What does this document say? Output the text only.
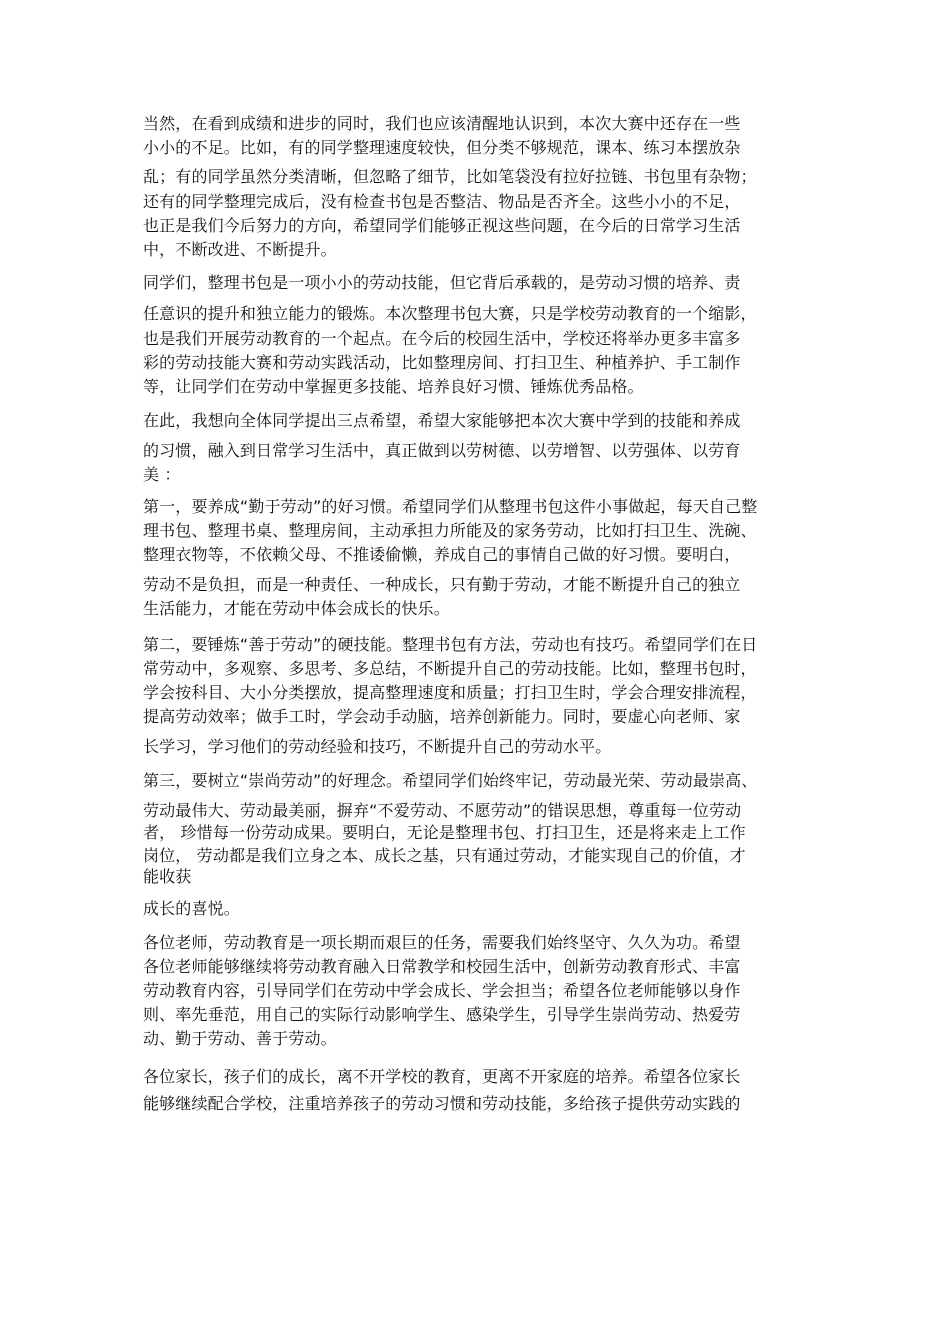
当然，在看到成绩和进步的同时，我们也应该清醒地认识到，本次大赛中还存在一些

小小的不足。比如，有的同学整理速度较快，但分类不够规范，课本、练习本摆放杂

乱；有的同学虽然分类清晰，但忽略了细节，比如笔袋没有拉好拉链、书包里有杂物；

还有的同学整理完成后，没有检查书包是否整洁、物品是否齐全。这些小小的不足，

也正是我们今后努力的方向，希望同学们能够正视这些问题，在今后的日常学习生活

中，不断改进、不断提升。

同学们，整理书包是一项小小的劳动技能，但它背后承载的，是劳动习惯的培养、责

任意识的提升和独立能力的锻炼。本次整理书包大赛，只是学校劳动教育的一个缩影，

也是我们开展劳动教育的一个起点。在今后的校园生活中，学校还将举办更多丰富多

彩的劳动技能大赛和劳动实践活动，比如整理房间、打扫卫生、种植养护、手工制作

等，让同学们在劳动中掌握更多技能、培养良好习惯、锤炼优秀品格。

在此，我想向全体同学提出三点希望，希望大家能够把本次大赛中学到的技能和养成

的习惯，融入到日常学习生活中，真正做到以劳树德、以劳增智、以劳强体、以劳育

美 ：

第一，要养成“勤于劳动”的好习惯。希望同学们从整理书包这件小事做起，每天自己整

理书包、整理书桌、整理房间，主动承担力所能及的家务劳动，比如打扫卫生、洗碗、

整理衣物等，不依赖父母、不推诿偷懒，养成自己的事情自己做的好习惯。要明白，

劳动不是负担，而是一种责任、一种成长，只有勤于劳动，才能不断提升自己的独立

生活能力，才能在劳动中体会成长的快乐。

第二，要锤炼“善于劳动”的硬技能。整理书包有方法，劳动也有技巧。希望同学们在日

常劳动中，多观察、多思考、多总结，不断提升自己的劳动技能。比如，整理书包时，

学会按科目、大小分类摆放，提高整理速度和质量；打扫卫生时，学会合理安排流程，

提高劳动效率；做手工时，学会动手动脑，培养创新能力。同时，要虚心向老师、家

长学习，学习他们的劳动经验和技巧，不断提升自己的劳动水平。

第三，要树立“崇尚劳动”的好理念。希望同学们始终牢记，劳动最光荣、劳动最崇高、

劳动最伟大、劳动最美丽，摒弃“不爱劳动、不愿劳动”的错误思想，尊重每一位劳动

者， 珍惜每一份劳动成果。要明白，无论是整理书包、打扫卫生，还是将来走上工作

岗位， 劳动都是我们立身之本、成长之基，只有通过劳动，才能实现自己的价值，才

能收获

成长的喜悦。

各位老师，劳动教育是一项长期而艰巨的任务，需要我们始终坚守、久久为功。希望

各位老师能够继续将劳动教育融入日常教学和校园生活中，创新劳动教育形式、丰富

劳动教育内容，引导同学们在劳动中学会成长、学会担当；希望各位老师能够以身作

则、率先垂范，用自己的实际行动影响学生、感染学生，引导学生崇尚劳动、热爱劳

动、勤于劳动、善于劳动。

各位家长，孩子们的成长，离不开学校的教育，更离不开家庭的培养。希望各位家长

能够继续配合学校，注重培养孩子的劳动习惯和劳动技能，多给孩子提供劳动实践的
